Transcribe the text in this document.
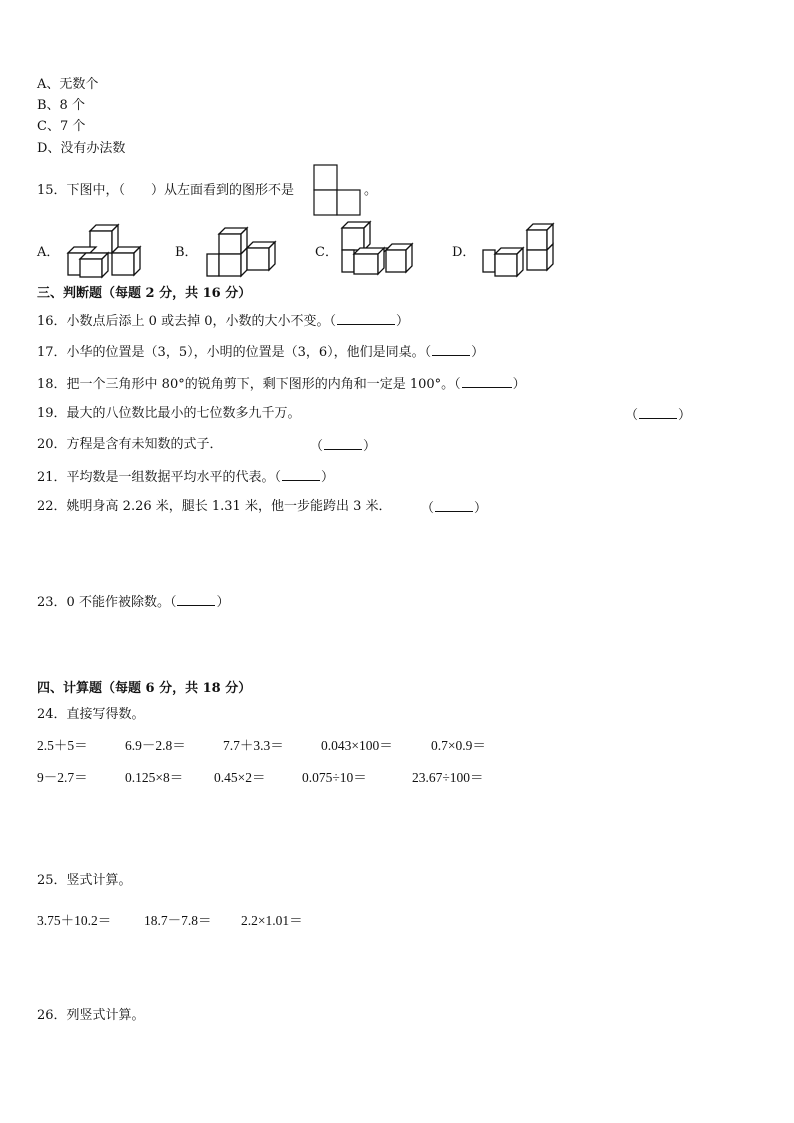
A、无数个
B、8 个
C、7 个
D、没有办法数
15．下图中，（ ）从左面看到的图形不是	。
A．	B．	C．	D．
三、判断题（每题 2 分，共 16 分）
16．小数点后添上 0 或去掉 0，小数的大小不变。（	）
17．小华的位置是（3，5），小明的位置是（3，6），他们是同桌。（	）
18．把一个三角形中 80°的锐角剪下，剩下图形的内角和一定是 100°。（	）
19．最大的八位数比最小的七位数多九千万。	（	）
20．方程是含有未知数的式子．	（	）
21．平均数是一组数据平均水平的代表。（	）
22．姚明身高 2.26 米，腿长 1.31 米，他一步能跨出 3 米． （	）
23．0 不能作被除数。（	）
四、计算题（每题 6 分，共 18 分）
24．直接写得数。
2.5＋5＝	6.9－2.8＝	7.7＋3.3＝	0.043×100＝	0.7×0.9＝
9－2.7＝	0.125×8＝ 0.45×2＝	0.075÷10＝	23.67÷100＝
25．竖式计算。
3.75＋10.2＝ 18.7－7.8＝ 2.2×1.01＝
26．列竖式计算。
